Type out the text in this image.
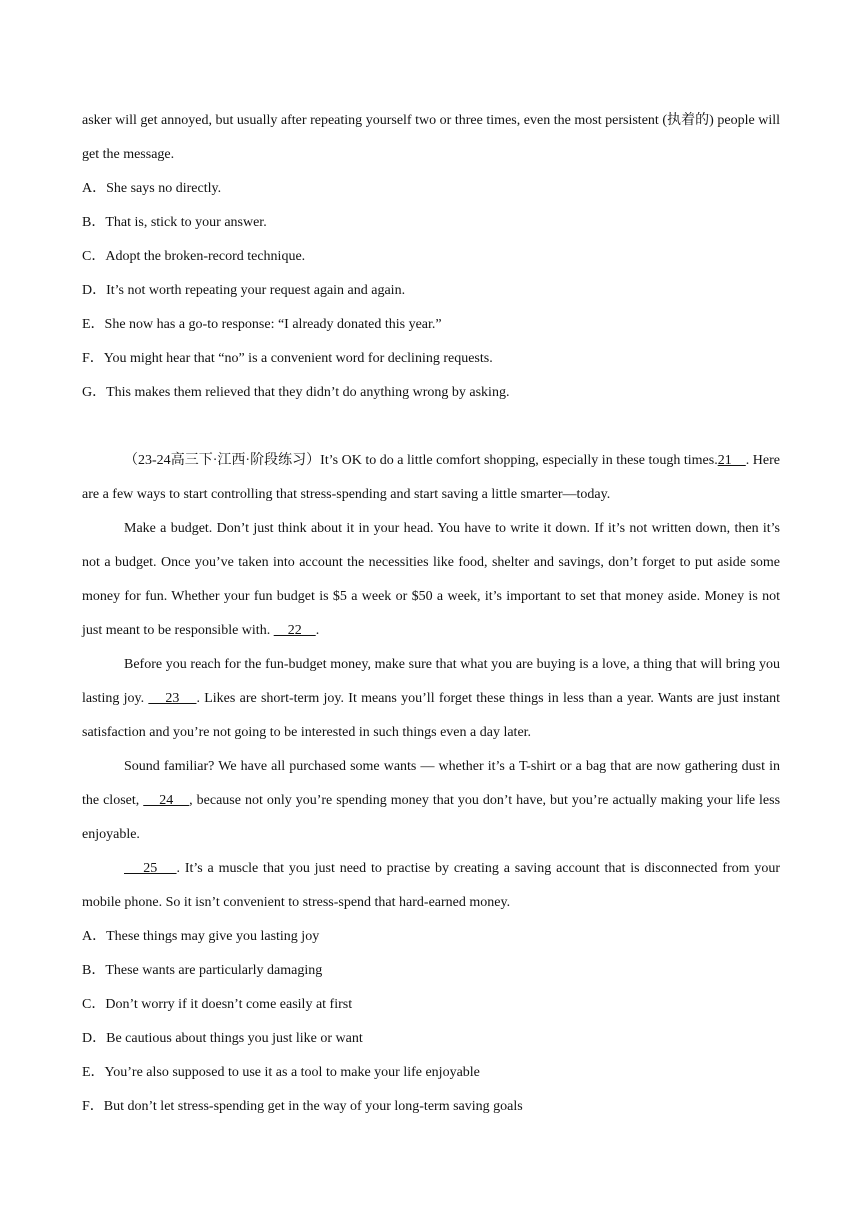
asker will get annoyed, but usually after repeating yourself two or three times, even the most persistent (执着的) people will get the message.

A．She says no directly.

B．That is, stick to your answer.

C．Adopt the broken-record technique.

D．It’s not worth repeating your request again and again.

E．She now has a go-to response: “I already donated this year.”

F．You might hear that “no” is a convenient word for declining requests.

G．This makes them relieved that they didn’t do anything wrong by asking.

（23-24高三下·江西·阶段练习）It’s OK to do a little comfort shopping, especially in these tough times.21    . Here are a few ways to start controlling that stress-spending and start saving a little smarter—today.

Make a budget. Don’t just think about it in your head. You have to write it down. If it’s not written down, then it’s not a budget. Once you’ve taken into account the necessities like food, shelter and savings, don’t forget to put aside some money for fun. Whether your fun budget is $5 a week or $50 a week, it’s important to set that money aside. Money is not just meant to be responsible with.     22    .

Before you reach for the fun-budget money, make sure that what you are buying is a love, a thing that will bring you lasting joy.     23    . Likes are short-term joy. It means you’ll forget these things in less than a year. Wants are just instant satisfaction and you’re not going to be interested in such things even a day later.

Sound familiar? We have all purchased some wants — whether it’s a T-shirt or a bag that are now gathering dust in the closet,     24    , because not only you’re spending money that you don’t have, but you’re actually making your life less enjoyable.

25    . It’s a muscle that you just need to practise by creating a saving account that is disconnected from your mobile phone. So it isn’t convenient to stress-spend that hard-earned money.

A．These things may give you lasting joy

B．These wants are particularly damaging

C．Don’t worry if it doesn’t come easily at first

D．Be cautious about things you just like or want

E．You’re also supposed to use it as a tool to make your life enjoyable

F．But don’t let stress-spending get in the way of your long-term saving goals
